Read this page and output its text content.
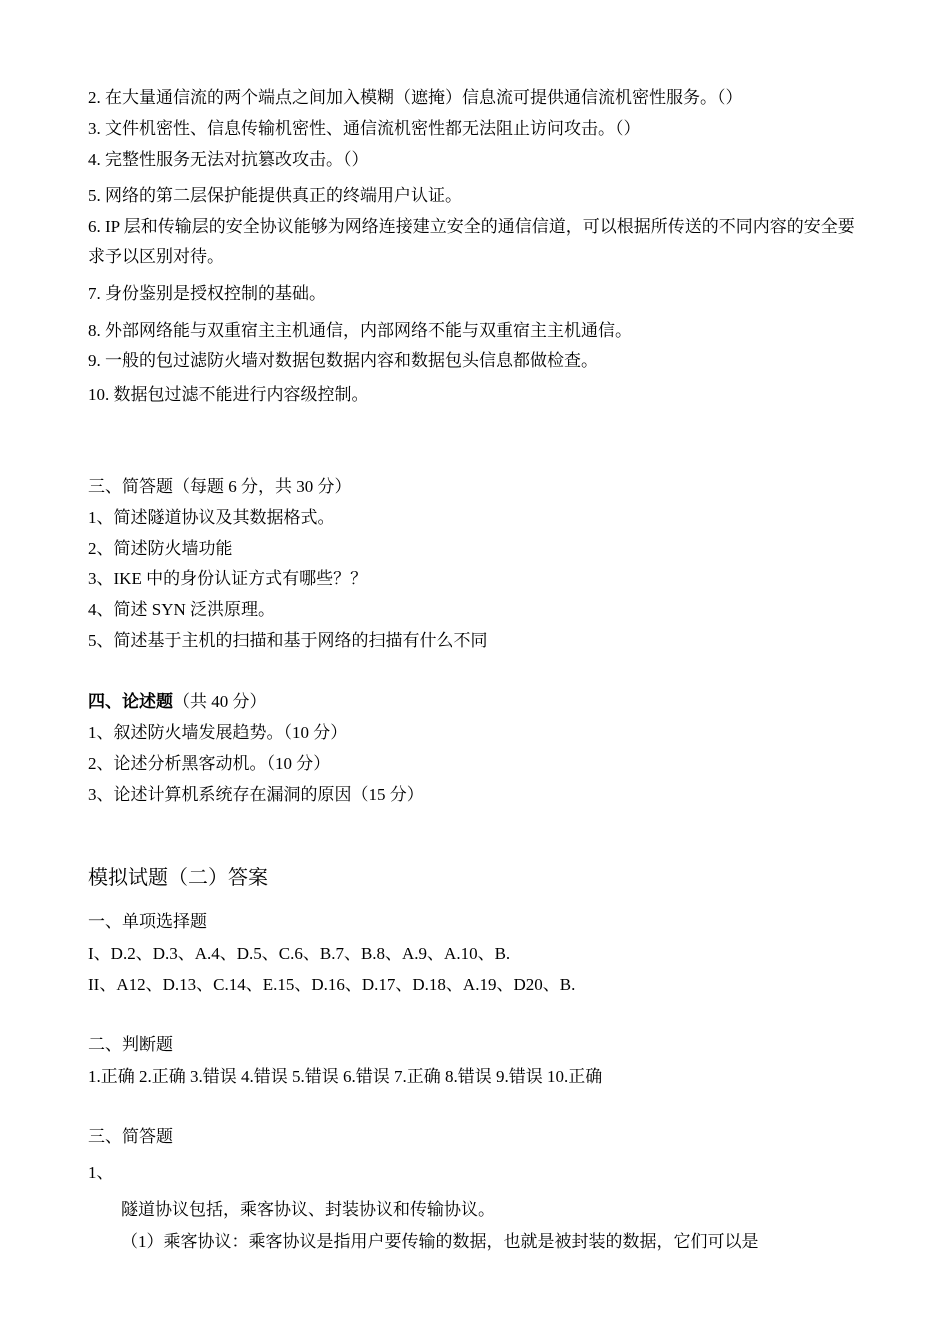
2. 在大量通信流的两个端点之间加入模糊（遮掩）信息流可提供通信流机密性服务。（）
3. 文件机密性、信息传输机密性、通信流机密性都无法阻止访问攻击。（）
4. 完整性服务无法对抗篡改攻击。（）
5. 网络的第二层保护能提供真正的终端用户认证。
6. IP 层和传输层的安全协议能够为网络连接建立安全的通信信道，可以根据所传送的不同内容的安全要求予以区别对待。
7. 身份鉴别是授权控制的基础。
8. 外部网络能与双重宿主主机通信，内部网络不能与双重宿主主机通信。
9. 一般的包过滤防火墙对数据包数据内容和数据包头信息都做检查。
10. 数据包过滤不能进行内容级控制。
三、简答题（每题 6 分，共 30 分）
1、简述隧道协议及其数据格式。
2、简述防火墙功能
3、IKE 中的身份认证方式有哪些？？
4、简述 SYN 泛洪原理。
5、简述基于主机的扫描和基于网络的扫描有什么不同
四、论述题（共 40 分）
1、叙述防火墙发展趋势。（10 分）
2、论述分析黑客动机。（10 分）
3、论述计算机系统存在漏洞的原因（15 分）
模拟试题（二）答案
一、单项选择题
I、D.2、D.3、A.4、D.5、C.6、B.7、B.8、A.9、A.10、B.
II、A12、D.13、C.14、E.15、D.16、D.17、D.18、A.19、D20、B.
二、判断题
1.正确 2.正确 3.错误 4.错误 5.错误 6.错误 7.正确 8.错误 9.错误 10.正确
三、简答题
1、
隧道协议包括，乘客协议、封装协议和传输协议。
（1）乘客协议：乘客协议是指用户要传输的数据，也就是被封装的数据，它们可以是
